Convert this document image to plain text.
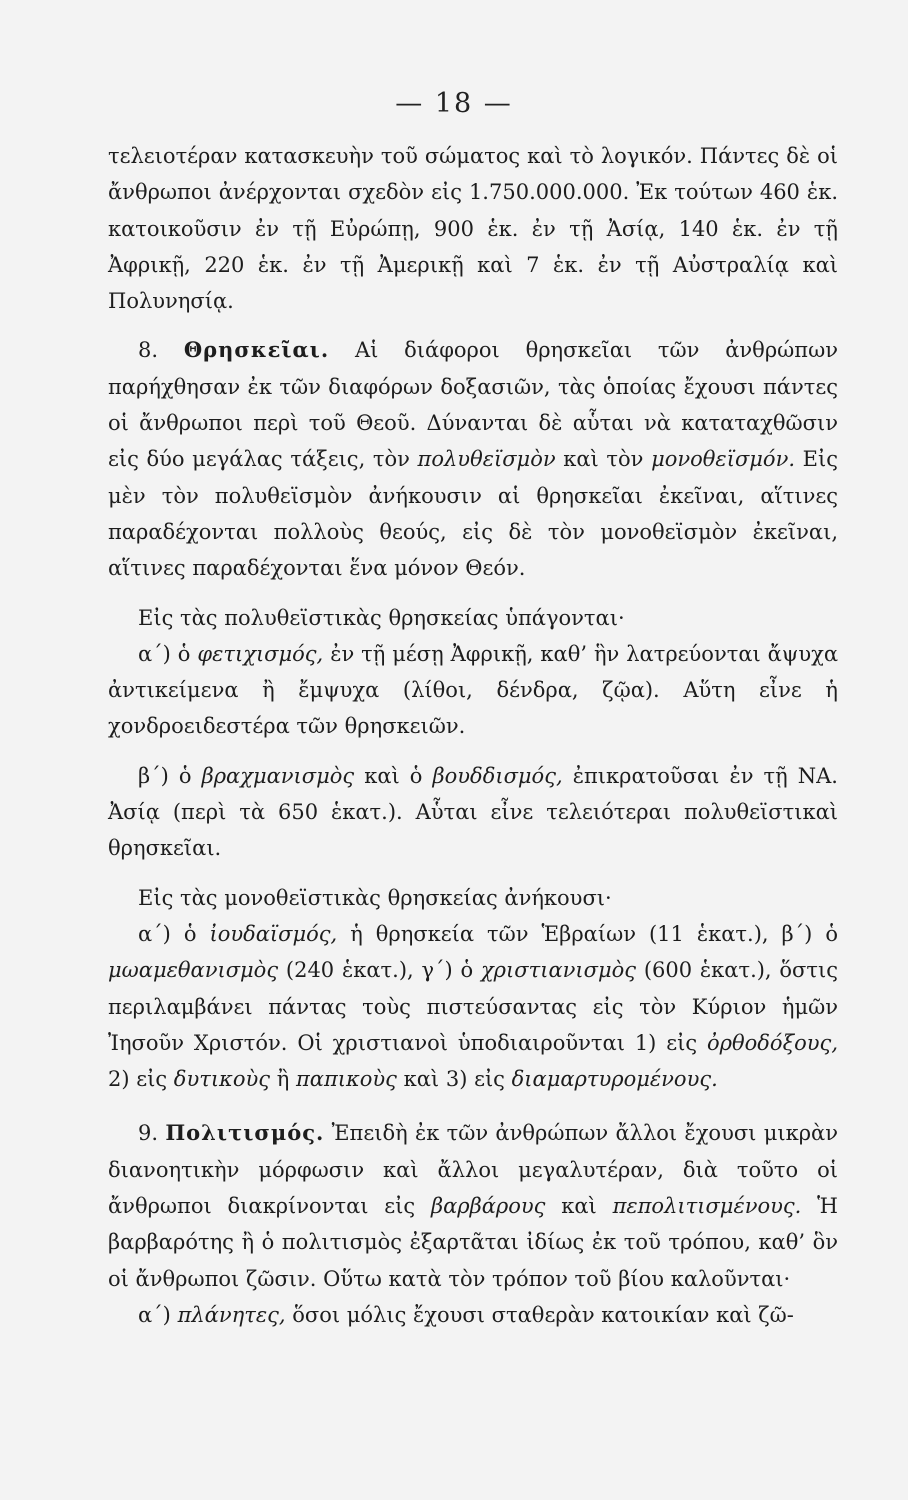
— 18 —

τελειοτέραν κατασκευὴν τοῦ σώματος καὶ τὸ λογικόν. Πάντες δὲ οἱ ἄνθρωποι ἀνέρχονται σχεδὸν εἰς 1.750.000.000. Ἐκ τούτων 460 ἑκ. κατοικοῦσιν ἐν τῇ Εὐρώπῃ, 900 ἑκ. ἐν τῇ Ἀσίᾳ, 140 ἑκ. ἐν τῇ Ἀφρικῇ, 220 ἑκ. ἐν τῇ Ἀμερικῇ καὶ 7 ἑκ. ἐν τῇ Αὐστραλίᾳ καὶ Πολυνησίᾳ.

8. Θρησκεῖαι. Αἱ διάφοροι θρησκεῖαι τῶν ἀνθρώπων παρήχθησαν ἐκ τῶν διαφόρων δοξασιῶν, τὰς ὁποίας ἔχουσι πάντες οἱ ἄνθρωποι περὶ τοῦ Θεοῦ. Δύνανται δὲ αὗται νὰ καταταχθῶσιν εἰς δύο μεγάλας τάξεις, τὸν πολυθεϊσμὸν καὶ τὸν μονοθεϊσμόν. Εἰς μὲν τὸν πολυθεϊσμὸν ἀνήκουσιν αἱ θρησκεῖαι ἐκεῖναι, αἵτινες παραδέχονται πολλοὺς θεούς, εἰς δὲ τὸν μονοθεϊσμὸν ἐκεῖναι, αἵτινες παραδέχονται ἕνα μόνον Θεόν.

Εἰς τὰς πολυθεϊστικὰς θρησκείας ὑπάγονται·

α΄) ὁ φετιχισμός, ἐν τῇ μέσῃ Ἀφρικῇ, καθ’ ἣν λατρεύονται ἄψυχα ἀντικείμενα ἢ ἔμψυχα (λίθοι, δένδρα, ζῷα). Αὕτη εἶνε ἡ χονδροειδεστέρα τῶν θρησκειῶν.

β΄) ὁ βραχμανισμὸς καὶ ὁ βουδδισμός, ἐπικρατοῦσαι ἐν τῇ ΝΑ. Ἀσίᾳ (περὶ τὰ 650 ἑκατ.). Αὗται εἶνε τελειότεραι πολυθεϊστικαὶ θρησκεῖαι.

Εἰς τὰς μονοθεϊστικὰς θρησκείας ἀνήκουσι·

α΄) ὁ ἰουδαϊσμός, ἡ θρησκεία τῶν Ἑβραίων (11 ἑκατ.), β΄) ὁ μωαμεθανισμὸς (240 ἑκατ.), γ΄) ὁ χριστιανισμὸς (600 ἑκατ.), ὅστις περιλαμβάνει πάντας τοὺς πιστεύσαντας εἰς τὸν Κύριον ἡμῶν Ἰησοῦν Χριστόν. Οἱ χριστιανοὶ ὑποδιαιροῦνται 1) εἰς ὀρθοδόξους, 2) εἰς δυτικοὺς ἢ παπικοὺς καὶ 3) εἰς διαμαρτυρομένους.

9. Πολιτισμός. Ἐπειδὴ ἐκ τῶν ἀνθρώπων ἄλλοι ἔχουσι μικρὰν διανοητικὴν μόρφωσιν καὶ ἄλλοι μεγαλυτέραν, διὰ τοῦτο οἱ ἄνθρωποι διακρίνονται εἰς βαρβάρους καὶ πεπολιτισμένους. Ἡ βαρβαρότης ἢ ὁ πολιτισμὸς ἐξαρτᾶται ἰδίως ἐκ τοῦ τρόπου, καθ’ ὃν οἱ ἄνθρωποι ζῶσιν. Οὕτω κατὰ τὸν τρόπον τοῦ βίου καλοῦνται·

α΄) πλάνητες, ὅσοι μόλις ἔχουσι σταθερὰν κατοικίαν καὶ ζῶ-
